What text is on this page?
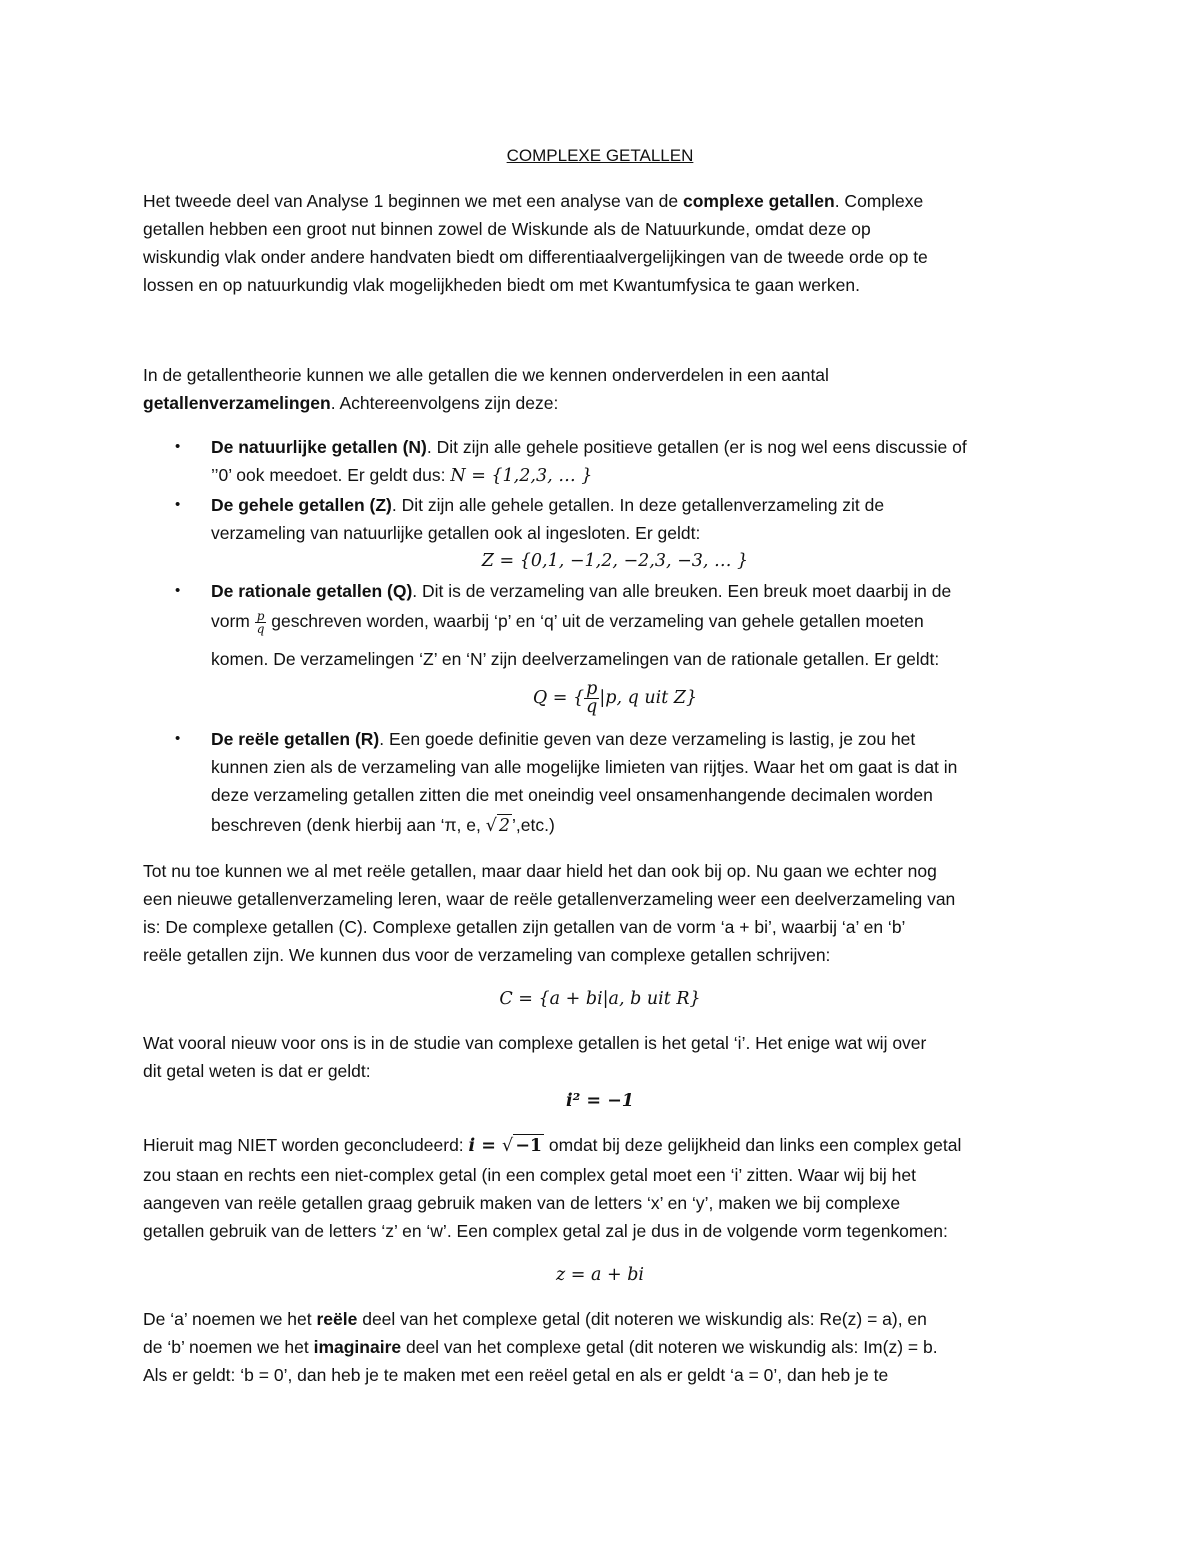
COMPLEXE GETALLEN
Het tweede deel van Analyse 1 beginnen we met een analyse van de complexe getallen. Complexe
getallen hebben een groot nut binnen zowel de Wiskunde als de Natuurkunde, omdat deze op
wiskundig vlak onder andere handvaten biedt om differentiaalvergelijkingen van de tweede orde op te
lossen en op natuurkundig vlak mogelijkheden biedt om met Kwantumfysica te gaan werken.
In de getallentheorie kunnen we alle getallen die we kennen onderverdelen in een aantal
getallenverzamelingen. Achtereenvolgens zijn deze:
• De natuurlijke getallen (N). Dit zijn alle gehele positieve getallen (er is nog wel eens discussie of
’’0’ ook meedoet. Er geldt dus: N = {1,2,3, … }
• De gehele getallen (Z). Dit zijn alle gehele getallen. In deze getallenverzameling zit de
verzameling van natuurlijke getallen ook al ingesloten. Er geldt:
Z = {0,1, −1,2, −2,3, −3, … }
• De rationale getallen (Q). Dit is de verzameling van alle breuken. Een breuk moet daarbij in de
vorm $\frac{p}{q}$ geschreven worden, waarbij ‘p’ en ‘q’ uit de verzameling van gehele getallen moeten
komen. De verzamelingen ‘Z’ en ‘N’ zijn deelverzamelingen van de rationale getallen. Er geldt:
Q = { $\frac{p}{q} |p$, q uit Z}
• De reële getallen (R). Een goede definitie geven van deze verzameling is lastig, je zou het
kunnen zien als de verzameling van alle mogelijke limieten van rijtjes. Waar het om gaat is dat in
deze verzameling getallen zitten die met oneindig veel onsamenhangende decimalen worden
beschreven (denk hierbij aan ‘π, e, √ 2 ’,etc.)
Tot nu toe kunnen we al met reële getallen, maar daar hield het dan ook bij op. Nu gaan we echter nog
een nieuwe getallenverzameling leren, waar de reële getallenverzameling weer een deelverzameling van
is: De complexe getallen (C). Complexe getallen zijn getallen van de vorm ‘a + bi’, waarbij ‘a’ en ‘b’
reële getallen zijn. We kunnen dus voor de verzameling van complexe getallen schrijven:
C = {a + bi|a, b uit R}
Wat vooral nieuw voor ons is in de studie van complexe getallen is het getal ‘i’. Het enige wat wij over
dit getal weten is dat er geldt:
i² = −1
Hieruit mag NIET worden geconcludeerd: i = √ −1 omdat bij deze gelijkheid dan links een complex getal
zou staan en rechts een niet-complex getal (in een complex getal moet een ‘i’ zitten. Waar wij bij het
aangeven van reële getallen graag gebruik maken van de letters ‘x’ en ‘y’, maken we bij complexe
getallen gebruik van de letters ‘z’ en ‘w’. Een complex getal zal je dus in de volgende vorm tegenkomen:
z = a + bi
De ‘a’ noemen we het reële deel van het complexe getal (dit noteren we wiskundig als: Re(z) = a), en
de ‘b’ noemen we het imaginaire deel van het complexe getal (dit noteren we wiskundig als: Im(z) = b.
Als er geldt: ‘b = 0’, dan heb je te maken met een reëel getal en als er geldt ‘a = 0’, dan heb je te
